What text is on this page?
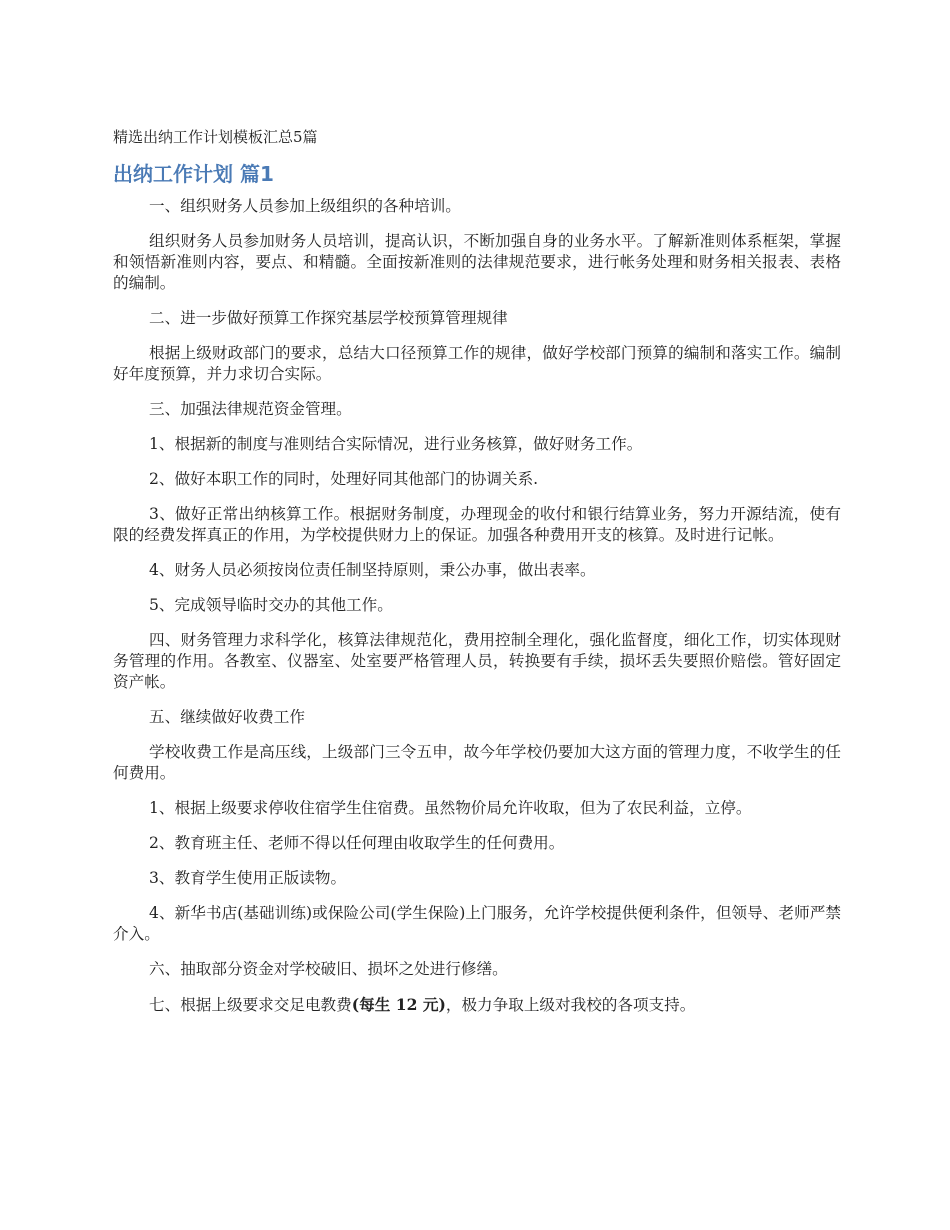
精选出纳工作计划模板汇总5篇

出纳工作计划 篇1

一、组织财务人员参加上级组织的各种培训。

组织财务人员参加财务人员培训，提高认识，不断加强自身的业务水平。了解新准则体系框架，掌握和领悟新准则内容，要点、和精髓。全面按新准则的法律规范要求，进行帐务处理和财务相关报表、表格的编制。

二、进一步做好预算工作探究基层学校预算管理规律

根据上级财政部门的要求，总结大口径预算工作的规律，做好学校部门预算的编制和落实工作。编制好年度预算，并力求切合实际。

三、加强法律规范资金管理。

1、根据新的制度与准则结合实际情况，进行业务核算，做好财务工作。

2、做好本职工作的同时，处理好同其他部门的协调关系.

3、做好正常出纳核算工作。根据财务制度，办理现金的收付和银行结算业务，努力开源结流，使有限的经费发挥真正的作用，为学校提供财力上的保证。加强各种费用开支的核算。及时进行记帐。

4、财务人员必须按岗位责任制坚持原则，秉公办事，做出表率。

5、完成领导临时交办的其他工作。

四、财务管理力求科学化，核算法律规范化，费用控制全理化，强化监督度，细化工作，切实体现财务管理的作用。各教室、仪器室、处室要严格管理人员，转换要有手续，损坏丢失要照价赔偿。管好固定资产帐。

五、继续做好收费工作

学校收费工作是高压线，上级部门三令五申，故今年学校仍要加大这方面的管理力度，不收学生的任何费用。

1、根据上级要求停收住宿学生住宿费。虽然物价局允许收取，但为了农民利益，立停。

2、教育班主任、老师不得以任何理由收取学生的任何费用。

3、教育学生使用正版读物。

4、新华书店(基础训练)或保险公司(学生保险)上门服务，允许学校提供便利条件，但领导、老师严禁介入。

六、抽取部分资金对学校破旧、损坏之处进行修缮。

七、根据上级要求交足电教费(每生 12 元)，极力争取上级对我校的各项支持。
